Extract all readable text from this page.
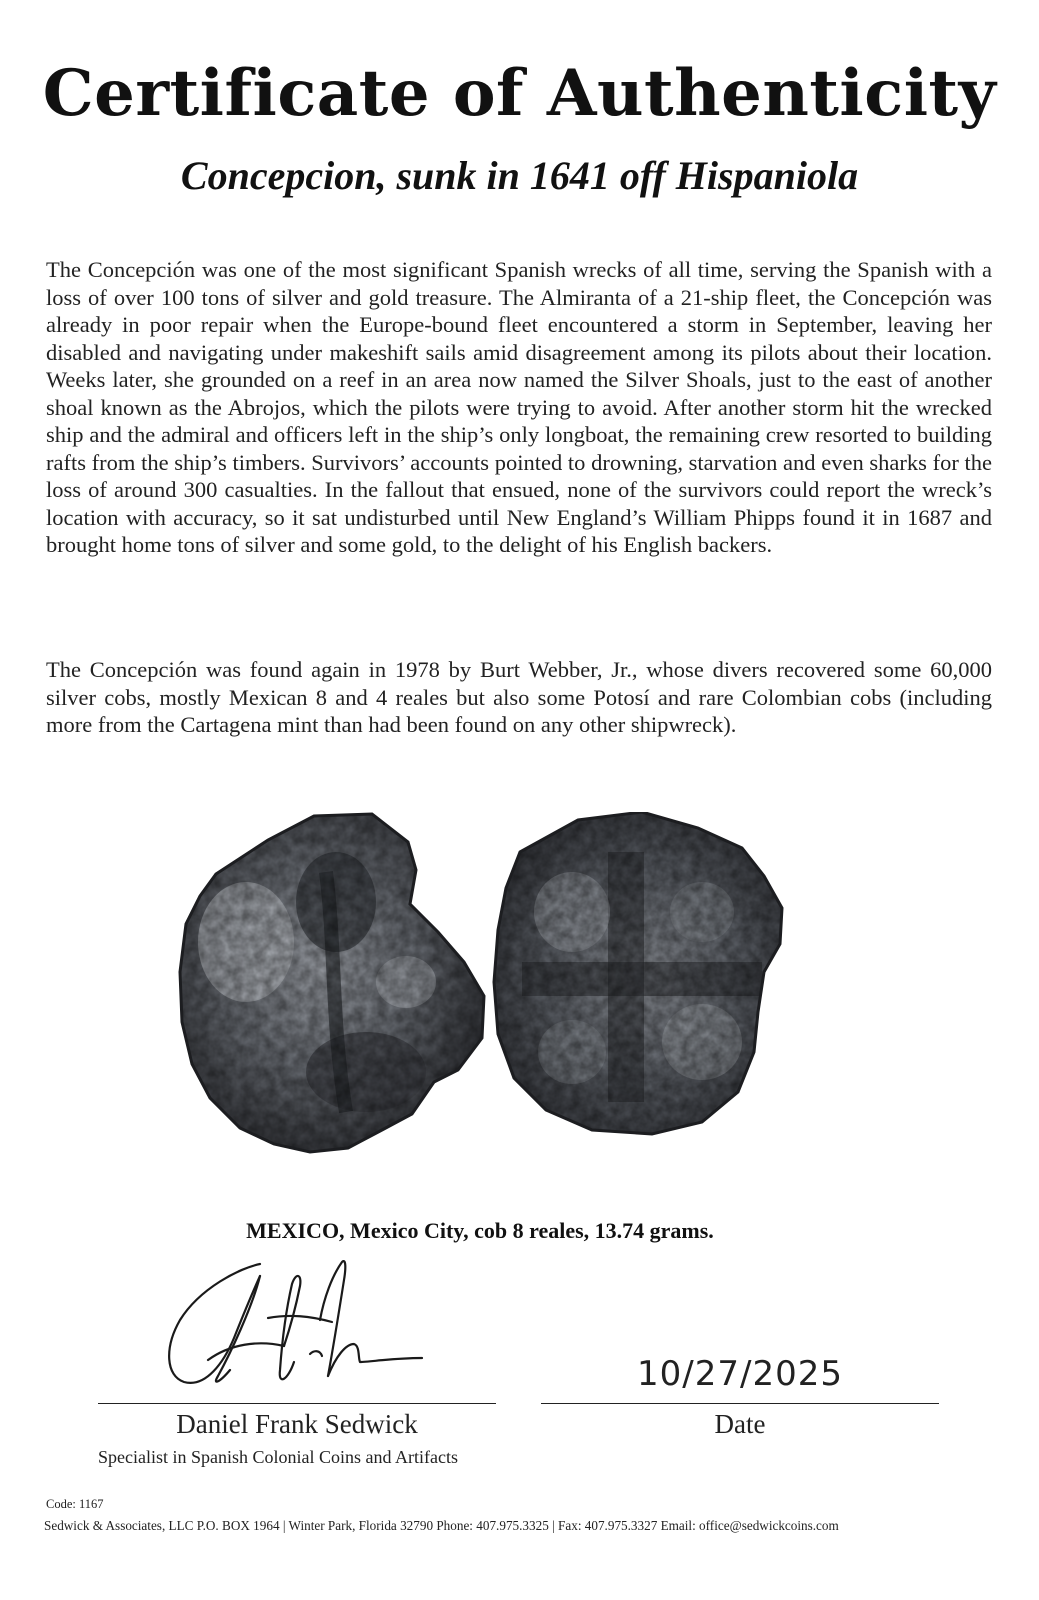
Certificate of Authenticity
Concepcion, sunk in 1641 off Hispaniola

The Concepción was one of the most significant Spanish wrecks of all time, serving the Spanish with a loss of over 100 tons of silver and gold treasure. The Almiranta of a 21-ship fleet, the Concepción was already in poor repair when the Europe-bound fleet encountered a storm in September, leaving her disabled and navigating under makeshift sails amid disagreement among its pilots about their location. Weeks later, she grounded on a reef in an area now named the Silver Shoals, just to the east of another shoal known as the Abrojos, which the pilots were trying to avoid. After another storm hit the wrecked ship and the admiral and officers left in the ship’s only longboat, the remaining crew resorted to building rafts from the ship’s timbers. Survivors’ accounts pointed to drowning, starvation and even sharks for the loss of around 300 casualties. In the fallout that ensued, none of the survivors could report the wreck’s location with accuracy, so it sat undisturbed until New England’s William Phipps found it in 1687 and brought home tons of silver and some gold, to the delight of his English backers.

The Concepción was found again in 1978 by Burt Webber, Jr., whose divers recovered some 60,000 silver cobs, mostly Mexican 8 and 4 reales but also some Potosí and rare Colombian cobs (including more from the Cartagena mint than had been found on any other shipwreck).

MEXICO, Mexico City, cob 8 reales, 13.74 grams.

10/27/2025
Daniel Frank Sedwick
Specialist in Spanish Colonial Coins and Artifacts
Date
Code: 1167
Sedwick & Associates, LLC P.O. BOX 1964 | Winter Park, Florida 32790 Phone: 407.975.3325 | Fax: 407.975.3327 Email: office@sedwickcoins.com
